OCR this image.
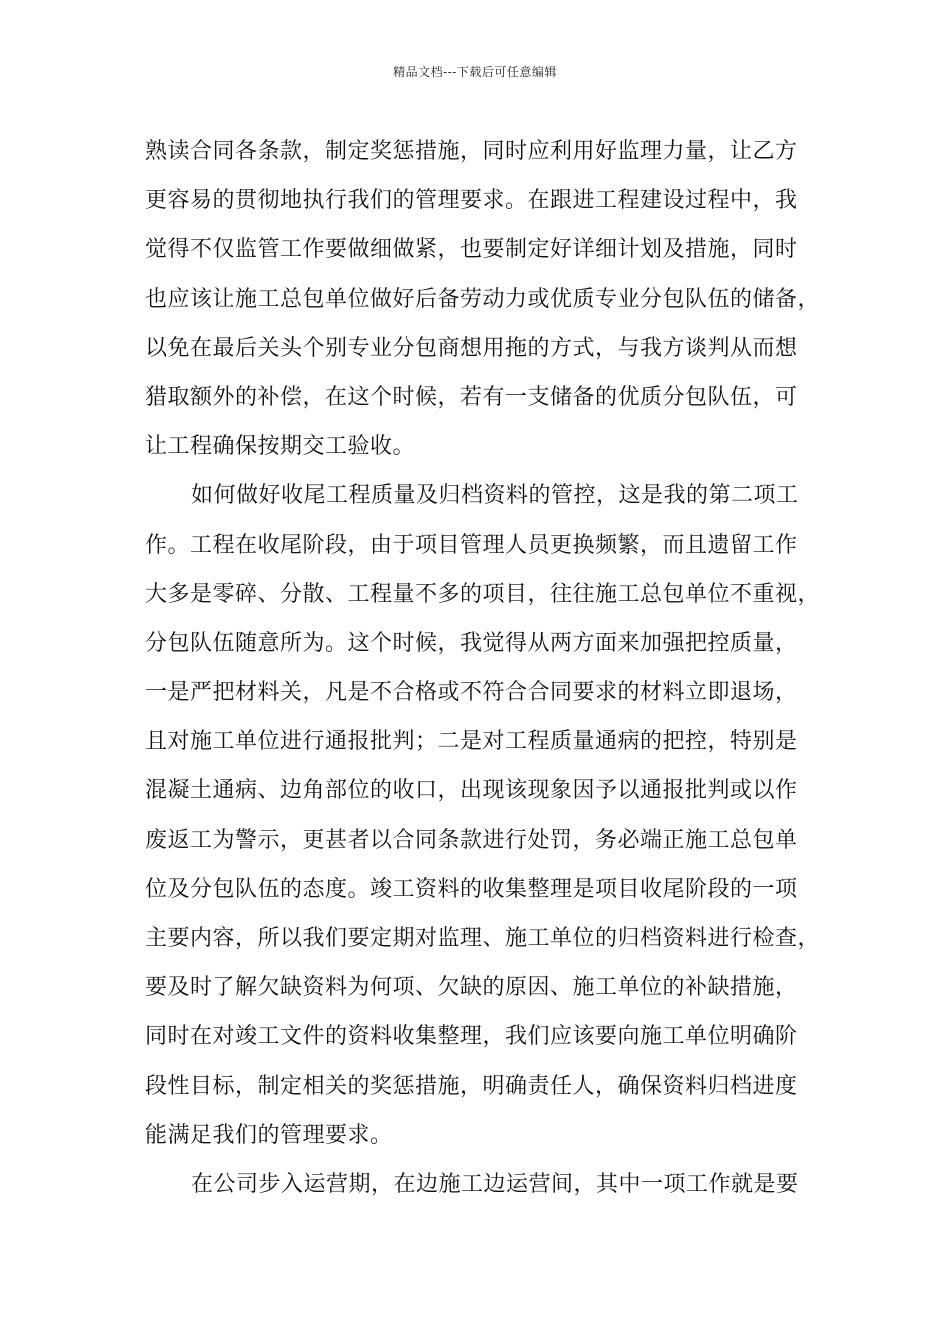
精品文档---下载后可任意编辑
熟读合同各条款，制定奖惩措施，同时应利用好监理力量，让乙方
更容易的贯彻地执行我们的管理要求。在跟进工程建设过程中，我
觉得不仅监管工作要做细做紧，也要制定好详细计划及措施，同时
也应该让施工总包单位做好后备劳动力或优质专业分包队伍的储备，
以免在最后关头个别专业分包商想用拖的方式，与我方谈判从而想
猎取额外的补偿，在这个时候，若有一支储备的优质分包队伍，可
让工程确保按期交工验收。
如何做好收尾工程质量及归档资料的管控，这是我的第二项工
作。工程在收尾阶段，由于项目管理人员更换频繁，而且遗留工作
大多是零碎、分散、工程量不多的项目，往往施工总包单位不重视，
分包队伍随意所为。这个时候，我觉得从两方面来加强把控质量，
一是严把材料关，凡是不合格或不符合合同要求的材料立即退场，
且对施工单位进行通报批判；二是对工程质量通病的把控，特别是
混凝土通病、边角部位的收口，出现该现象因予以通报批判或以作
废返工为警示，更甚者以合同条款进行处罚，务必端正施工总包单
位及分包队伍的态度。竣工资料的收集整理是项目收尾阶段的一项
主要内容，所以我们要定期对监理、施工单位的归档资料进行检查，
要及时了解欠缺资料为何项、欠缺的原因、施工单位的补缺措施，
同时在对竣工文件的资料收集整理，我们应该要向施工单位明确阶
段性目标，制定相关的奖惩措施，明确责任人，确保资料归档进度
能满足我们的管理要求。
在公司步入运营期，在边施工边运营间，其中一项工作就是要
